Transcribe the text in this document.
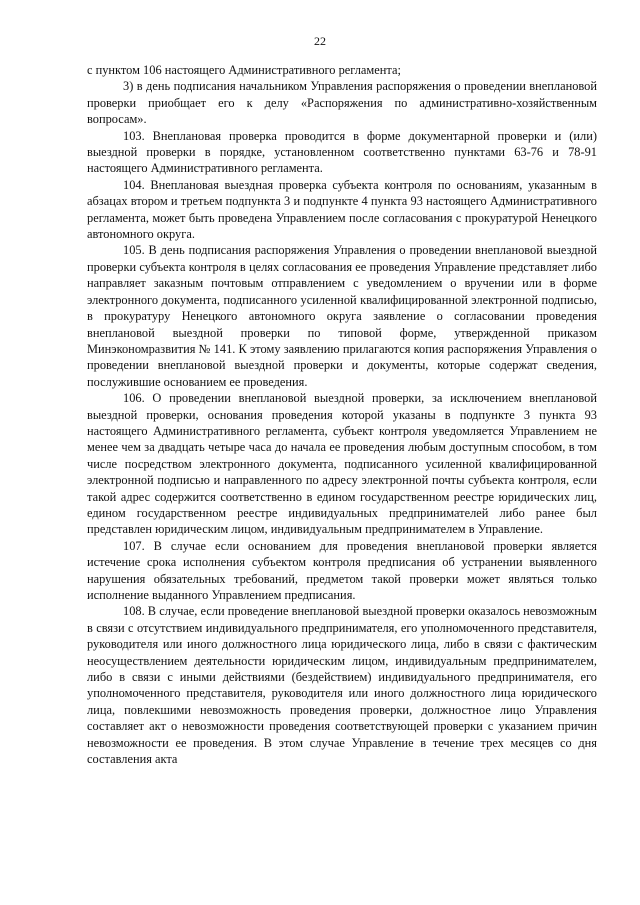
22

с пунктом 106 настоящего Административного регламента;

3) в день подписания начальником Управления распоряжения о проведении внеплановой проверки приобщает его к делу «Распоряжения по административно-хозяйственным вопросам».

103. Внеплановая проверка проводится в форме документарной проверки и (или) выездной проверки в порядке, установленном соответственно пунктами 63-76 и 78-91 настоящего Административного регламента.

104. Внеплановая выездная проверка субъекта контроля по основаниям, указанным в абзацах втором и третьем подпункта 3 и подпункте 4 пункта 93 настоящего Административного регламента, может быть проведена Управлением после согласования с прокуратурой Ненецкого автономного округа.

105. В день подписания распоряжения Управления о проведении внеплановой выездной проверки субъекта контроля в целях согласования ее проведения Управление представляет либо направляет заказным почтовым отправлением с уведомлением о вручении или в форме электронного документа, подписанного усиленной квалифицированной электронной подписью, в прокуратуру Ненецкого автономного округа заявление о согласовании проведения внеплановой выездной проверки по типовой форме, утвержденной приказом Минэкономразвития № 141. К этому заявлению прилагаются копия распоряжения Управления о проведении внеплановой выездной проверки и документы, которые содержат сведения, послужившие основанием ее проведения.

106. О проведении внеплановой выездной проверки, за исключением внеплановой выездной проверки, основания проведения которой указаны в подпункте 3 пункта 93 настоящего Административного регламента, субъект контроля уведомляется Управлением не менее чем за двадцать четыре часа до начала ее проведения любым доступным способом, в том числе посредством электронного документа, подписанного усиленной квалифицированной электронной подписью и направленного по адресу электронной почты субъекта контроля, если такой адрес содержится соответственно в едином государственном реестре юридических лиц, едином государственном реестре индивидуальных предпринимателей либо ранее был представлен юридическим лицом, индивидуальным предпринимателем в Управление.

107. В случае если основанием для проведения внеплановой проверки является истечение срока исполнения субъектом контроля предписания об устранении выявленного нарушения обязательных требований, предметом такой проверки может являться только исполнение выданного Управлением предписания.

108. В случае, если проведение внеплановой выездной проверки оказалось невозможным в связи с отсутствием индивидуального предпринимателя, его уполномоченного представителя, руководителя или иного должностного лица юридического лица, либо в связи с фактическим неосуществлением деятельности юридическим лицом, индивидуальным предпринимателем, либо в связи с иными действиями (бездействием) индивидуального предпринимателя, его уполномоченного представителя, руководителя или иного должностного лица юридического лица, повлекшими невозможность проведения проверки, должностное лицо Управления составляет акт о невозможности проведения соответствующей проверки с указанием причин невозможности ее проведения. В этом случае Управление в течение трех месяцев со дня составления акта
